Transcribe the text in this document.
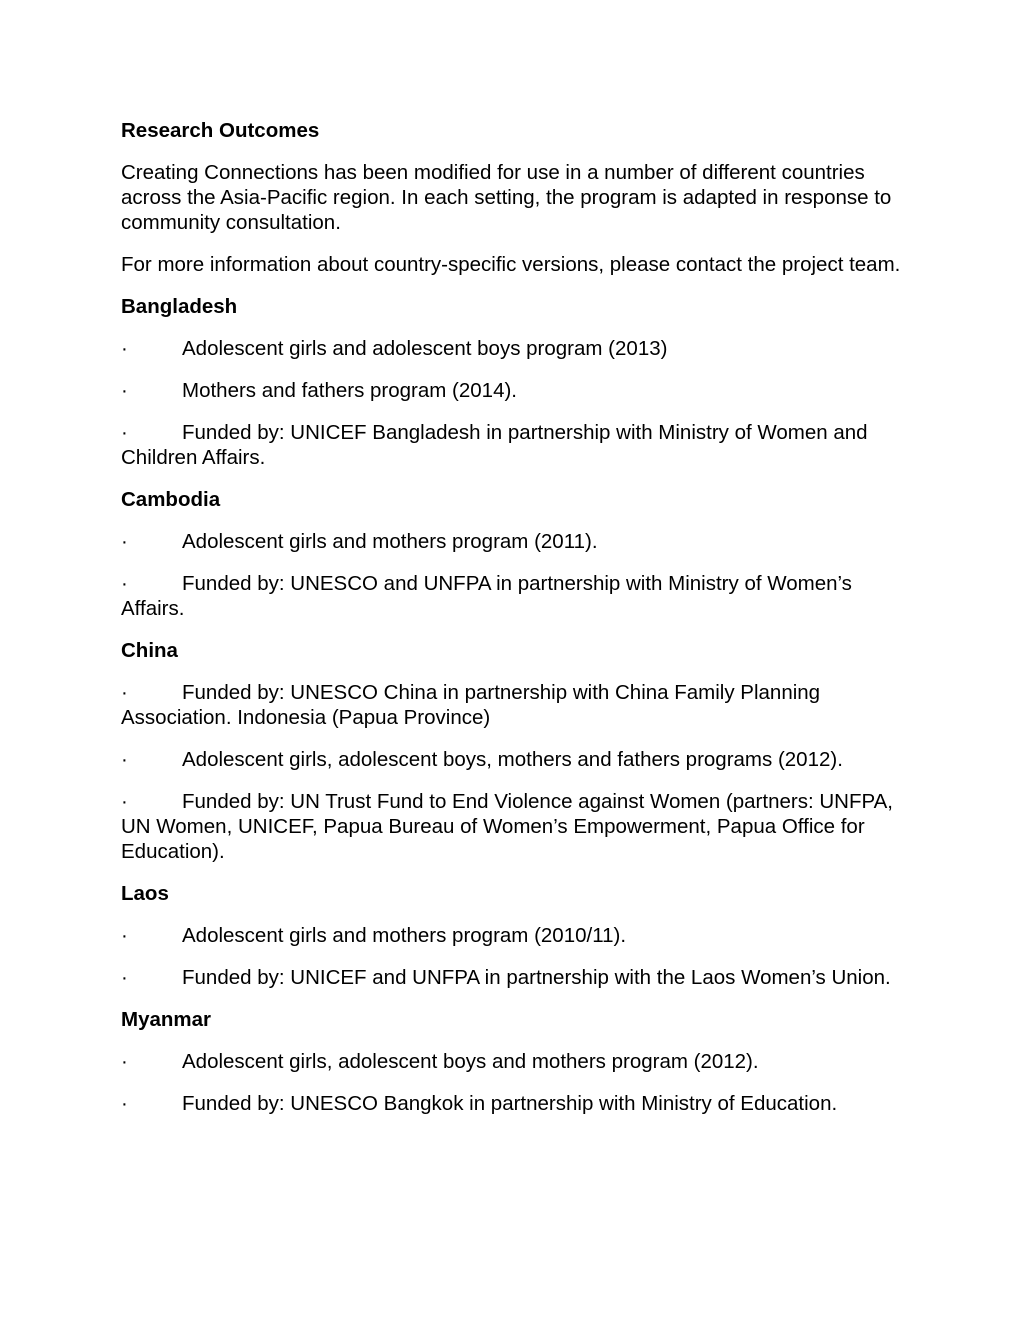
Research Outcomes

Creating Connections has been modified for use in a number of different countries across the Asia-Pacific region. In each setting, the program is adapted in response to community consultation.

For more information about country-specific versions, please contact the project team.

Bangladesh
·	Adolescent girls and adolescent boys program (2013)
·	Mothers and fathers program (2014).
·	Funded by: UNICEF Bangladesh in partnership with Ministry of Women and Children Affairs.
Cambodia
·	Adolescent girls and mothers program (2011).
·	Funded by: UNESCO and UNFPA in partnership with Ministry of Women’s Affairs.
China
·	Funded by: UNESCO China in partnership with China Family Planning Association. Indonesia (Papua Province)
·	Adolescent girls, adolescent boys, mothers and fathers programs (2012).
·	Funded by: UN Trust Fund to End Violence against Women (partners: UNFPA, UN Women, UNICEF, Papua Bureau of Women’s Empowerment, Papua Office for Education).
Laos
·	Adolescent girls and mothers program (2010/11).
·	Funded by: UNICEF and UNFPA in partnership with the Laos Women’s Union.
Myanmar
·	Adolescent girls, adolescent boys and mothers program (2012).
·	Funded by: UNESCO Bangkok in partnership with Ministry of Education.
